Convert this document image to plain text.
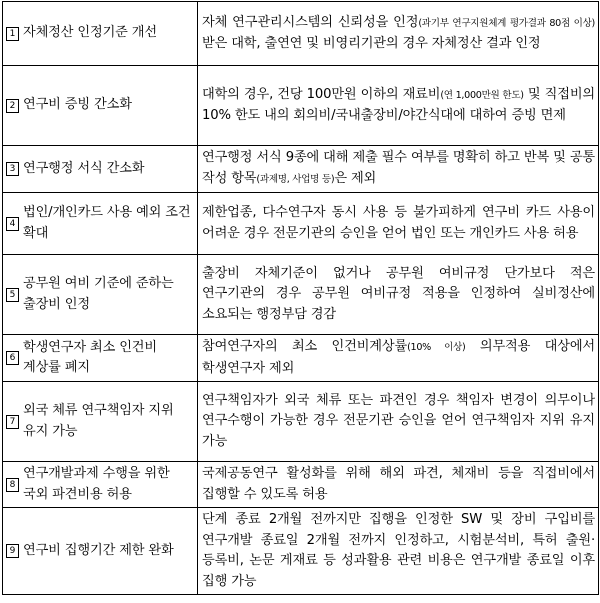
1 자체정산 인정기준 개선	자체 연구관리시스템의 신뢰성을 인정(과기부 연구지원체계 평가결과 80점 이상)받은 대학, 출연연 및 비영리기관의 경우 자체정산 결과 인정

2 연구비 증빙 간소화	대학의 경우, 건당 100만원 이하의 재료비(연 1,000만원 한도) 및 직접비의 10% 한도 내의 회의비/국내출장비/야간식대에 대하여 증빙 면제

3 연구행정 서식 간소화	연구행정 서식 9종에 대해 제출 필수 여부를 명확히 하고 반복 및 공통 작성 항목(과제명, 사업명 등)은 제외

4
법인/개인카드 사용 예외 조건 확대	제한업종, 다수연구자 동시 사용 등 불가피하게 연구비 카드 사용이 어려운 경우 전문기관의 승인을 얻어 법인 또는 개인카드 사용 허용

5
공무원 여비 기준에 준하는 출장비 인정	출장비 자체기준이 없거나 공무원 여비규정 단가보다 적은 연구기관의 경우 공무원 여비규정 적용을 인정하여 실비정산에 소요되는 행정부담 경감

6
학생연구자 최소 인건비 계상률 폐지	참여연구자의 최소 인건비계상률(10% 이상) 의무적용 대상에서 학생연구자 제외

7
외국 체류 연구책임자 지위 유지 가능	연구책임자가 외국 체류 또는 파견인 경우 책임자 변경이 의무이나 연구수행이 가능한 경우 전문기관 승인을 얻어 연구책임자 지위 유지 가능

8
연구개발과제 수행을 위한 국외 파견비용 허용	국제공동연구 활성화를 위해 해외 파견, 체재비 등을 직접비에서 집행할 수 있도록 허용

9 연구비 집행기간 제한 완화	단계 종료 2개월 전까지만 집행을 인정한 SW 및 장비 구입비를 연구개발 종료일 2개월 전까지 인정하고, 시험분석비, 특허 출원·등록비, 논문 게재료 등 성과활용 관련 비용은 연구개발 종료일 이후 집행 가능
